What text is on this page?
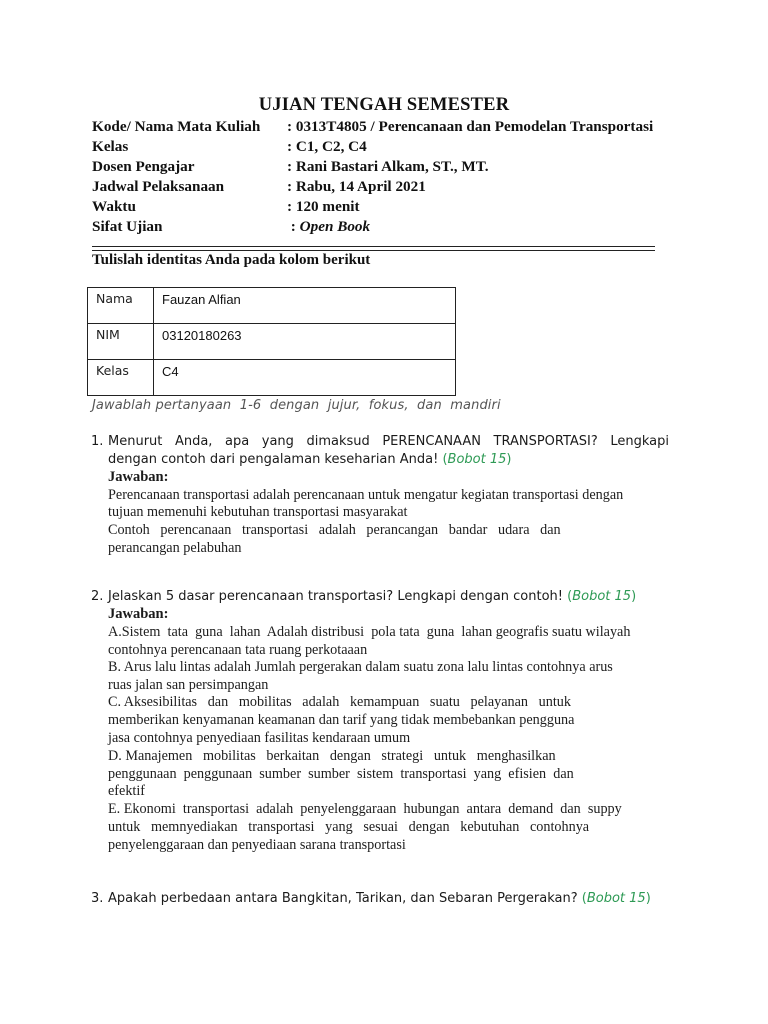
UJIAN TENGAH SEMESTER
Kode/ Nama Mata Kuliah : 0313T4805 / Perencanaan dan Pemodelan Transportasi
Kelas	: C1, C2, C4
Dosen Pengajar	: Rani Bastari Alkam, ST., MT.
Jadwal Pelaksanaan	: Rabu, 14 April 2021
Waktu	: 120 menit
Sifat Ujian	: Open Book
Tulislah identitas Anda pada kolom berikut
Nama	Fauzan Alfian
NIM	03120180263
Kelas	C4
Jawablah pertanyaan  1-6  dengan  jujur,  fokus,  dan  mandiri
1. Menurut  Anda,  apa  yang  dimaksud  PERENCANAAN  TRANSPORTASI?  Lengkapi
dengan contoh dari pengalaman keseharian Anda! (Bobot 15)
Jawaban:
Perencanaan transportasi adalah perencanaan untuk mengatur kegiatan transportasi dengan
tujuan memenuhi kebutuhan transportasi masyarakat
Contoh   perencanaan   transportasi   adalah   perancangan   bandar   udara   dan
perancangan pelabuhan
2. Jelaskan 5 dasar perencanaan transportasi? Lengkapi dengan contoh! (Bobot 15)
Jawaban:
A.Sistem  tata  guna  lahan  Adalah distribusi  pola tata  guna  lahan geografis suatu wilayah
contohnya perencanaan tata ruang perkotaaan
B. Arus lalu lintas adalah Jumlah pergerakan dalam suatu zona lalu lintas contohnya arus
ruas jalan san persimpangan
C. Aksesibilitas   dan   mobilitas   adalah   kemampuan   suatu   pelayanan   untuk
memberikan kenyamanan keamanan dan tarif yang tidak membebankan pengguna
jasa contohnya penyediaan fasilitas kendaraan umum
D. Manajemen   mobilitas   berkaitan   dengan   strategi   untuk   menghasilkan
penggunaan  penggunaan  sumber  sumber  sistem  transportasi  yang  efisien  dan
efektif
E. Ekonomi  transportasi  adalah  penyelenggaraan  hubungan  antara  demand  dan  suppy
untuk   memnyediakan   transportasi   yang   sesuai   dengan   kebutuhan   contohnya
penyelenggaraan dan penyediaan sarana transportasi
3. Apakah perbedaan antara Bangkitan, Tarikan, dan Sebaran Pergerakan? (Bobot 15)
